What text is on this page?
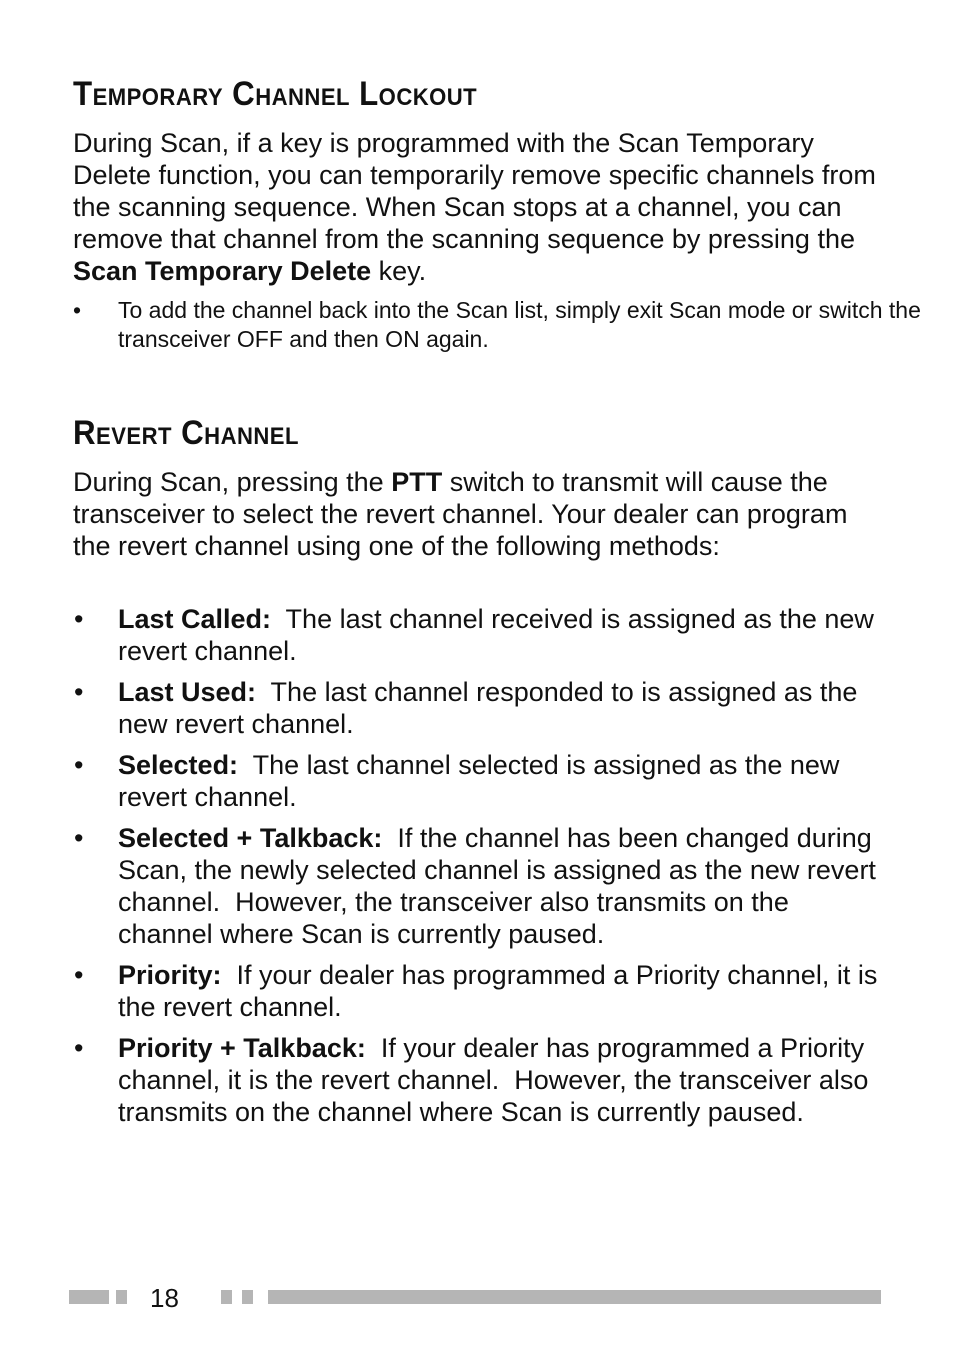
Temporary Channel Lockout

During Scan, if a key is programmed with the Scan Temporary Delete function, you can temporarily remove specific channels from the scanning sequence. When Scan stops at a channel, you can remove that channel from the scanning sequence by pressing the Scan Temporary Delete key.

• To add the channel back into the Scan list, simply exit Scan mode or switch the transceiver OFF and then ON again.
Revert Channel

During Scan, pressing the PTT switch to transmit will cause the transceiver to select the revert channel. Your dealer can program the revert channel using one of the following methods:

• Last Called:  The last channel received is assigned as the new revert channel.
• Last Used:  The last channel responded to is assigned as the new revert channel.
• Selected:  The last channel selected is assigned as the new revert channel.
• Selected + Talkback:  If the channel has been changed during Scan, the newly selected channel is assigned as the new revert channel.  However, the transceiver also transmits on the channel where Scan is currently paused.
• Priority:  If your dealer has programmed a Priority channel, it is the revert channel.
• Priority + Talkback:  If your dealer has programmed a Priority channel, it is the revert channel.  However, the transceiver also transmits on the channel where Scan is currently paused.
18
